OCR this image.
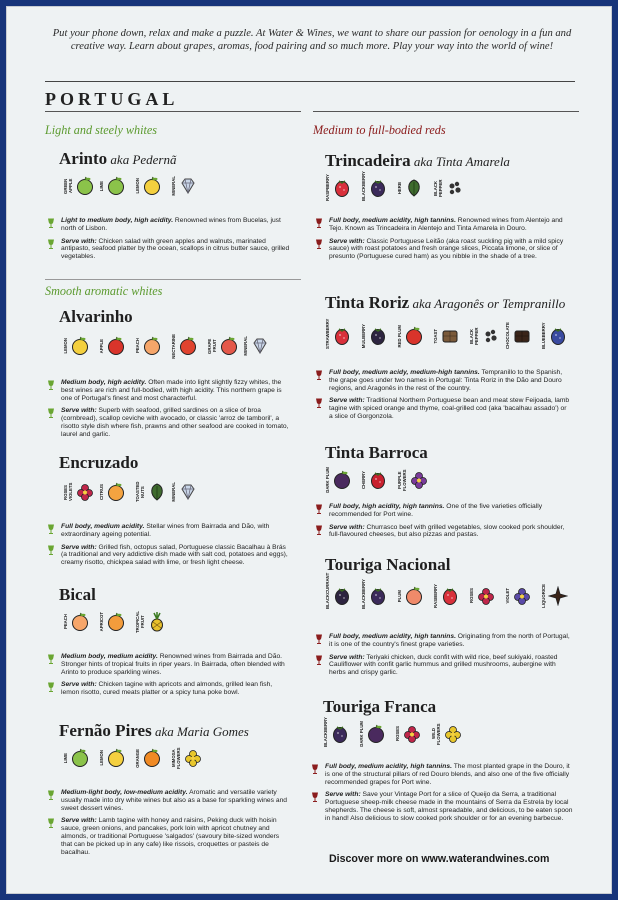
Put your phone down, relax and make a puzzle. At Water & Wines, we want to share our passion for oenology in a fun and creative way. Learn about grapes, aromas, food pairing and so much more. Play your way into the world of wine!
PORTUGAL
Light and steely whites
Smooth aromatic whites
Medium to full-bodied reds
Arinto aka Pedernã
GREEN APPLE	LIME	LEMON	MINERAL

Light to medium body, high acidity. Renowned wines from Bucelas, just north of Lisbon.

Serve with: Chicken salad with green apples and walnuts, marinated antipasto, seafood platter by the ocean, scallops in citrus butter sauce, grilled vegetables.

Alvarinho
LEMON	APPLE	PEACH	NECTARINE	GRAPE FRUIT	MINERAL

Medium body, high acidity. Often made into light slightly fizzy whites, the best wines are rich and full-bodied, with high acidity. This northern grape is one of Portugal's finest and most characterful.

Serve with: Superb with seafood, grilled sardines on a slice of broa (cornbread), scallop ceviche with avocado, or classic 'arroz de tamboril', a risotto style dish where fish, prawns and other seafood are cooked in tomato, laurel and garlic.

Encruzado
ROSES VIOLETS	CITRUS	TOASTED NUTS	MINERAL

Full body, medium acidity. Stellar wines from Bairrada and Dão, with extraordinary ageing potential.

Serve with: Grilled fish, octopus salad, Portuguese classic Bacalhau à Brás (a traditional and very addictive dish made with salt cod, potatoes and eggs), creamy risotto, chickpea salad with lime, or fresh light cheese.

Bical
PEACH	APRICOT	TROPICAL FRUIT

Medium body, medium acidity. Renowned wines from Bairrada and Dão. Stronger hints of tropical fruits in riper years. In Bairrada, often blended with Arinto to produce sparkling wines.

Serve with: Chicken tagine with apricots and almonds, grilled lean fish, lemon risotto, cured meats platter or a spicy tuna poke bowl.

Fernão Pires aka Maria Gomes
LIME	LEMON	ORANGE	MIMOSA FLOWERS

Medium-light body, low-medium acidity. Aromatic and versatile variety usually made into dry white wines but also as a base for sparkling wines and sweet dessert wines.

Serve with: Lamb tagine with honey and raisins, Peking duck with hoisin sauce, green onions, and pancakes, pork loin with apricot chutney and almonds, or traditional Portuguese 'salgados' (savoury bite-sized wonders that can be picked up in any cafe) like rissois, croquettes or pasteis de bacalhau.

Trincadeira aka Tinta Amarela
RASPBERRY	BLACKBERRY	HERB	BLACK PEPPER

Full body, medium acidity, high tannins. Renowned wines from Alentejo and Tejo. Known as Trincadeira in Alentejo and Tinta Amarela in Douro.

Serve with: Classic Portuguese Leitão (aka roast suckling pig with a mild spicy sauce) with roast potatoes and fresh orange slices, Piccata limone, or slice of presunto (Portuguese cured ham) as you nibble in the shade of a tree.

Tinta Roriz aka Aragonês or Tempranillo
STRAWBERRY	MULBERRY	RED PLUM	TOAST	BLACK PEPPER	CHOCOLATE	BLUEBERRY

Full body, medium acidy, medium-high tannins. Tempranillo to the Spanish, the grape goes under two names in Portugal: Tinta Roriz in the Dão and Douro regions, and Aragonês in the rest of the country.

Serve with: Traditional Northern Portuguese bean and meat stew Feijoada, lamb tagine with spiced orange and thyme, coal-grilled cod (aka 'bacalhau assado') or a slice of Gorgonzola.

Tinta Barroca
DARK PLUM	CHERRY	PURPLE FLOWERS

Full body, high acidity, high tannins. One of the five varieties officially recommended for Port wine.

Serve with: Churrasco beef with grilled vegetables, slow cooked pork shoulder, full-flavoured cheeses, but also pizzas and pastas.

Touriga Nacional
BLACKCURRANT	BLACKBERRY	PLUM	RASBERRY	ROSES	VIOLET	LIQUORICE

Full body, medium acidity, high tannins. Originating from the north of Portugal, it is one of the country's finest grape varieties.

Serve with: Teriyaki chicken, duck confit with wild rice, beef sukiyaki, roasted Cauliflower with confit garlic hummus and grilled mushrooms, aubergine with herbs and crispy garlic.

Touriga Franca
BLACKBERRY	DARK PLUM	ROSES	WILD FLOWERS

Full body, medium acidity, high tannins. The most planted grape in the Douro, it is one of the structural pillars of red Douro blends, and also one of the five officially recommended grapes for Port wine.

Serve with: Save your Vintage Port for a slice of Queijo da Serra, a traditional Portuguese sheep-milk cheese made in the mountains of Serra da Estrela by local shepherds. The cheese is soft, almost spreadable, and delicious, to be eaten spoon in hand! Also delicious to slow cooked pork shoulder or for an evening barbecue.

Discover more on www.waterandwines.com
